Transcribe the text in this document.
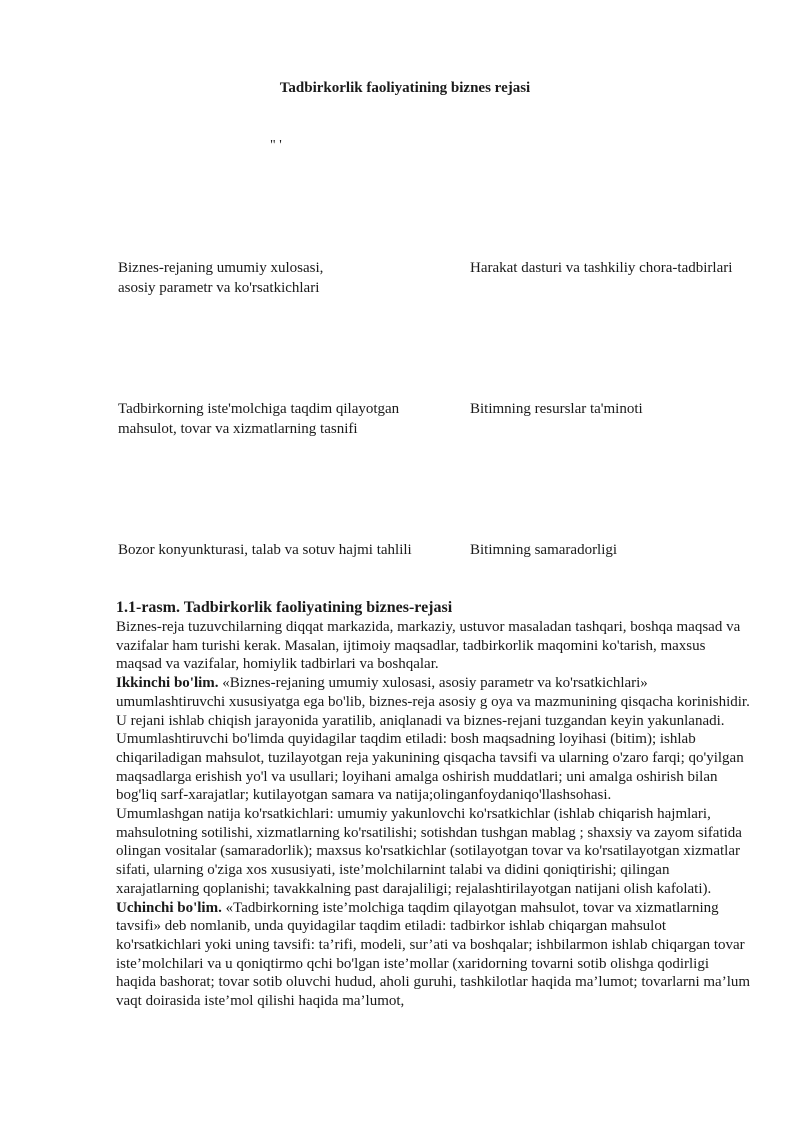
Tadbirkorlik faoliyatining biznes rejasi
" '
Biznes-rejaning umumiy xulosasi, asosiy parametr va ko'rsatkichlari
Harakat dasturi va tashkiliy chora-tadbirlari
Tadbirkorning iste'molchiga taqdim qilayotgan mahsulot, tovar va xizmatlarning tasnifi
Bitimning resurslar ta'minoti
Bozor konyunkturasi, talab va sotuv hajmi tahlili	Bitimning samaradorligi

1.1-rasm. Tadbirkorlik faoliyatining biznes-rejasi

Biznes-reja tuzuvchilarning diqqat markazida, markaziy, ustuvor masaladan tashqari, boshqa maqsad va vazifalar ham turishi kerak. Masalan, ijtimoiy maqsadlar, tadbirkorlik maqomini ko'tarish, maxsus maqsad va vazifalar, homiylik tadbirlari va boshqalar.

Ikkinchi bo'lim. «Biznes-rejaning umumiy xulosasi, asosiy parametr va ko'rsatkichlari» umumlashtiruvchi xususiyatga ega bo'lib, biznes-reja asosiy g oya va mazmunining qisqacha korinishidir. U rejani ishlab chiqish jarayonida yaratilib, aniqlanadi va biznes-rejani tuzgandan keyin yakunlanadi.

Umumlashtiruvchi bo'limda quyidagilar taqdim etiladi: bosh maqsadning loyihasi (bitim); ishlab chiqariladigan mahsulot, tuzilayotgan reja yakunining qisqacha tavsifi va ularning o'zaro farqi; qo'yilgan maqsadlarga erishish yo'l va usullari; loyihani amalga oshirish muddatlari; uni amalga oshirish bilan bog'liq sarf-xarajatlar; kutilayotgan samara va natija;olinganfoydaniqo'llashsohasi.

Umumlashgan natija ko'rsatkichlari: umumiy yakunlovchi ko'rsatkichlar (ishlab chiqarish hajmlari, mahsulotning sotilishi, xizmatlarning ko'rsatilishi; sotishdan tushgan mablag ; shaxsiy va zayom sifatida olingan vositalar (samaradorlik); maxsus ko'rsatkichlar (sotilayotgan tovar va ko'rsatilayotgan xizmatlar sifati, ularning o'ziga xos xususiyati, iste’molchilarnint talabi va didini qoniqtirishi; qilingan xarajatlarning qoplanishi; tavakkalning past darajaliligi; rejalashtirilayotgan natijani olish kafolati).

Uchinchi bo'lim. «Tadbirkorning iste’molchiga taqdim qilayotgan mahsulot, tovar va xizmatlarning tavsifi» deb nomlanib, unda quyidagilar taqdim etiladi: tadbirkor ishlab chiqargan mahsulot ko'rsatkichlari yoki uning tavsifi: ta’rifi, modeli, sur’ati va boshqalar; ishbilarmon ishlab chiqargan tovar iste’molchilari va u qoniqtirmo qchi bo'lgan iste’mollar (xaridorning tovarni sotib olishga qodirligi haqida bashorat; tovar sotib oluvchi hudud, aholi guruhi, tashkilotlar haqida ma’lumot; tovarlarni ma’lum vaqt doirasida iste’mol qilishi haqida ma’lumot,
